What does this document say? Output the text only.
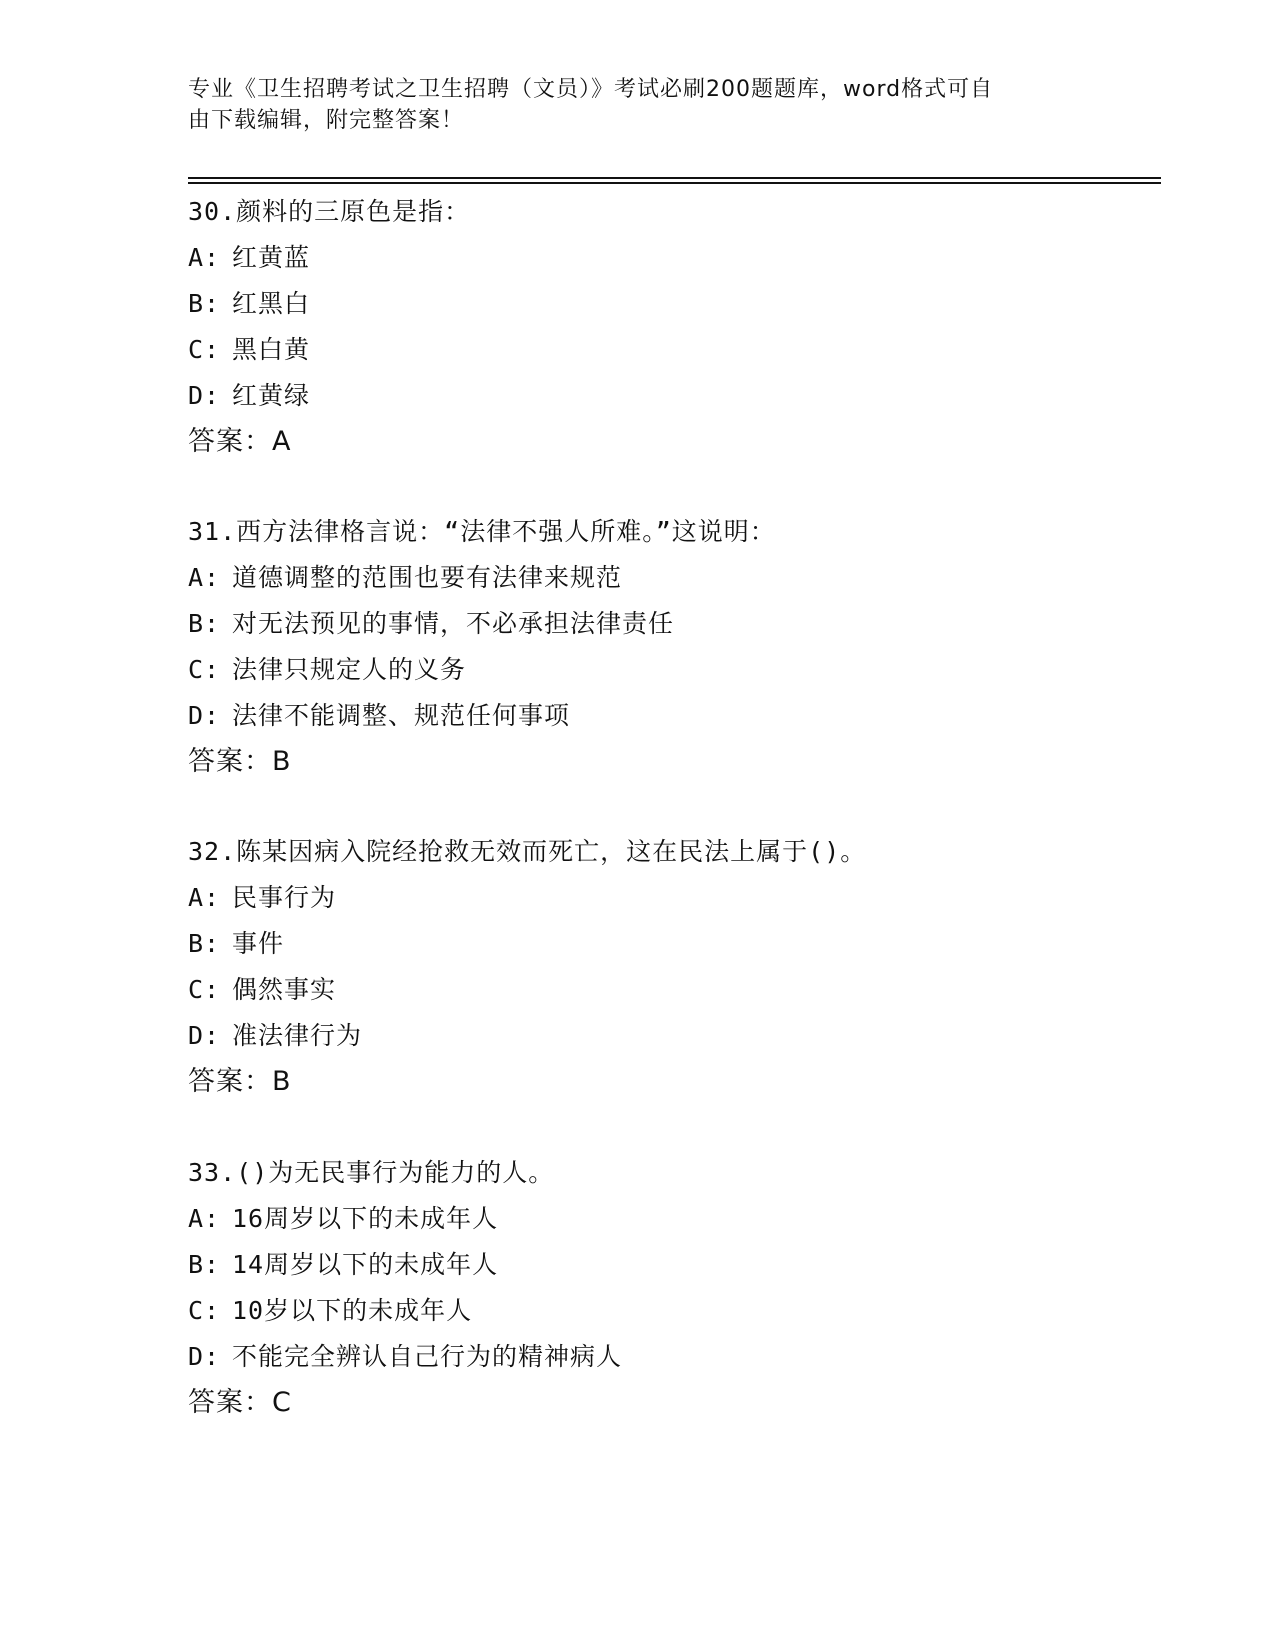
专业《卫生招聘考试之卫生招聘（文员）》考试必刷200题题库，word格式可自
由下载编辑，附完整答案！
30.颜料的三原色是指：
A: 红黄蓝
B: 红黑白
C: 黑白黄
D: 红黄绿
答案：A
31.西方法律格言说：“法律不强人所难。”这说明：
A: 道德调整的范围也要有法律来规范
B: 对无法预见的事情，不必承担法律责任
C: 法律只规定人的义务
D: 法律不能调整、规范任何事项
答案：B
32.陈某因病入院经抢救无效而死亡，这在民法上属于()。
A: 民事行为
B: 事件
C: 偶然事实
D: 准法律行为
答案：B
33.()为无民事行为能力的人。
A: 16周岁以下的未成年人
B: 14周岁以下的未成年人
C: 10岁以下的未成年人
D: 不能完全辨认自己行为的精神病人
答案：C
